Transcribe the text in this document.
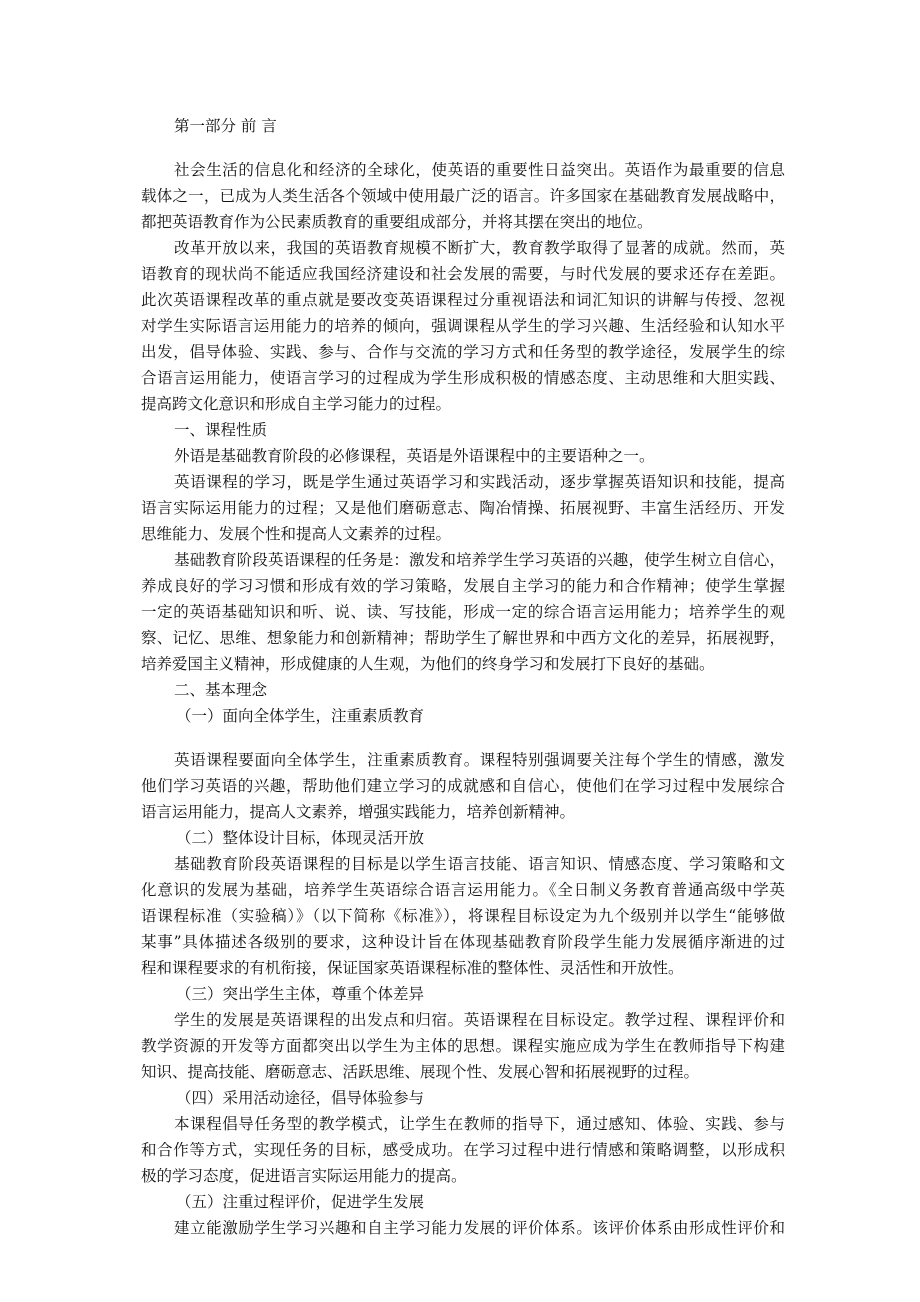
第一部分 前 言
社会生活的信息化和经济的全球化，使英语的重要性日益突出。英语作为最重要的信息
载体之一，已成为人类生活各个领域中使用最广泛的语言。许多国家在基础教育发展战略中，
都把英语教育作为公民素质教育的重要组成部分，并将其摆在突出的地位。
改革开放以来，我国的英语教育规模不断扩大，教育教学取得了显著的成就。然而，英
语教育的现状尚不能适应我国经济建设和社会发展的需要，与时代发展的要求还存在差距。
此次英语课程改革的重点就是要改变英语课程过分重视语法和词汇知识的讲解与传授、忽视
对学生实际语言运用能力的培养的倾向，强调课程从学生的学习兴趣、生活经验和认知水平
出发，倡导体验、实践、参与、合作与交流的学习方式和任务型的教学途径，发展学生的综
合语言运用能力，使语言学习的过程成为学生形成积极的情感态度、主动思维和大胆实践、
提高跨文化意识和形成自主学习能力的过程。
一、课程性质
外语是基础教育阶段的必修课程，英语是外语课程中的主要语种之一。
英语课程的学习，既是学生通过英语学习和实践活动，逐步掌握英语知识和技能，提高
语言实际运用能力的过程；又是他们磨砺意志、陶冶情操、拓展视野、丰富生活经历、开发
思维能力、发展个性和提高人文素养的过程。
基础教育阶段英语课程的任务是：激发和培养学生学习英语的兴趣，使学生树立自信心，
养成良好的学习习惯和形成有效的学习策略，发展自主学习的能力和合作精神；使学生掌握
一定的英语基础知识和听、说、读、写技能，形成一定的综合语言运用能力；培养学生的观
察、记忆、思维、想象能力和创新精神；帮助学生了解世界和中西方文化的差异，拓展视野，
培养爱国主义精神，形成健康的人生观，为他们的终身学习和发展打下良好的基础。
二、基本理念
（一）面向全体学生，注重素质教育
英语课程要面向全体学生，注重素质教育。课程特别强调要关注每个学生的情感，激发
他们学习英语的兴趣，帮助他们建立学习的成就感和自信心，使他们在学习过程中发展综合
语言运用能力，提高人文素养，增强实践能力，培养创新精神。
（二）整体设计目标，体现灵活开放
基础教育阶段英语课程的目标是以学生语言技能、语言知识、情感态度、学习策略和文
化意识的发展为基础，培养学生英语综合语言运用能力。《全日制义务教育普通高级中学英
语课程标准（实验稿）》（以下简称《标准》），将课程目标设定为九个级别并以学生“能够做
某事”具体描述各级别的要求，这种设计旨在体现基础教育阶段学生能力发展循序渐进的过
程和课程要求的有机衔接，保证国家英语课程标准的整体性、灵活性和开放性。
（三）突出学生主体，尊重个体差异
学生的发展是英语课程的出发点和归宿。英语课程在目标设定。教学过程、课程评价和
教学资源的开发等方面都突出以学生为主体的思想。课程实施应成为学生在教师指导下构建
知识、提高技能、磨砺意志、活跃思维、展现个性、发展心智和拓展视野的过程。
（四）采用活动途径，倡导体验参与
本课程倡导任务型的教学模式，让学生在教师的指导下，通过感知、体验、实践、参与
和合作等方式，实现任务的目标，感受成功。在学习过程中进行情感和策略调整，以形成积
极的学习态度，促进语言实际运用能力的提高。
（五）注重过程评价，促进学生发展
建立能激励学生学习兴趣和自主学习能力发展的评价体系。该评价体系由形成性评价和
